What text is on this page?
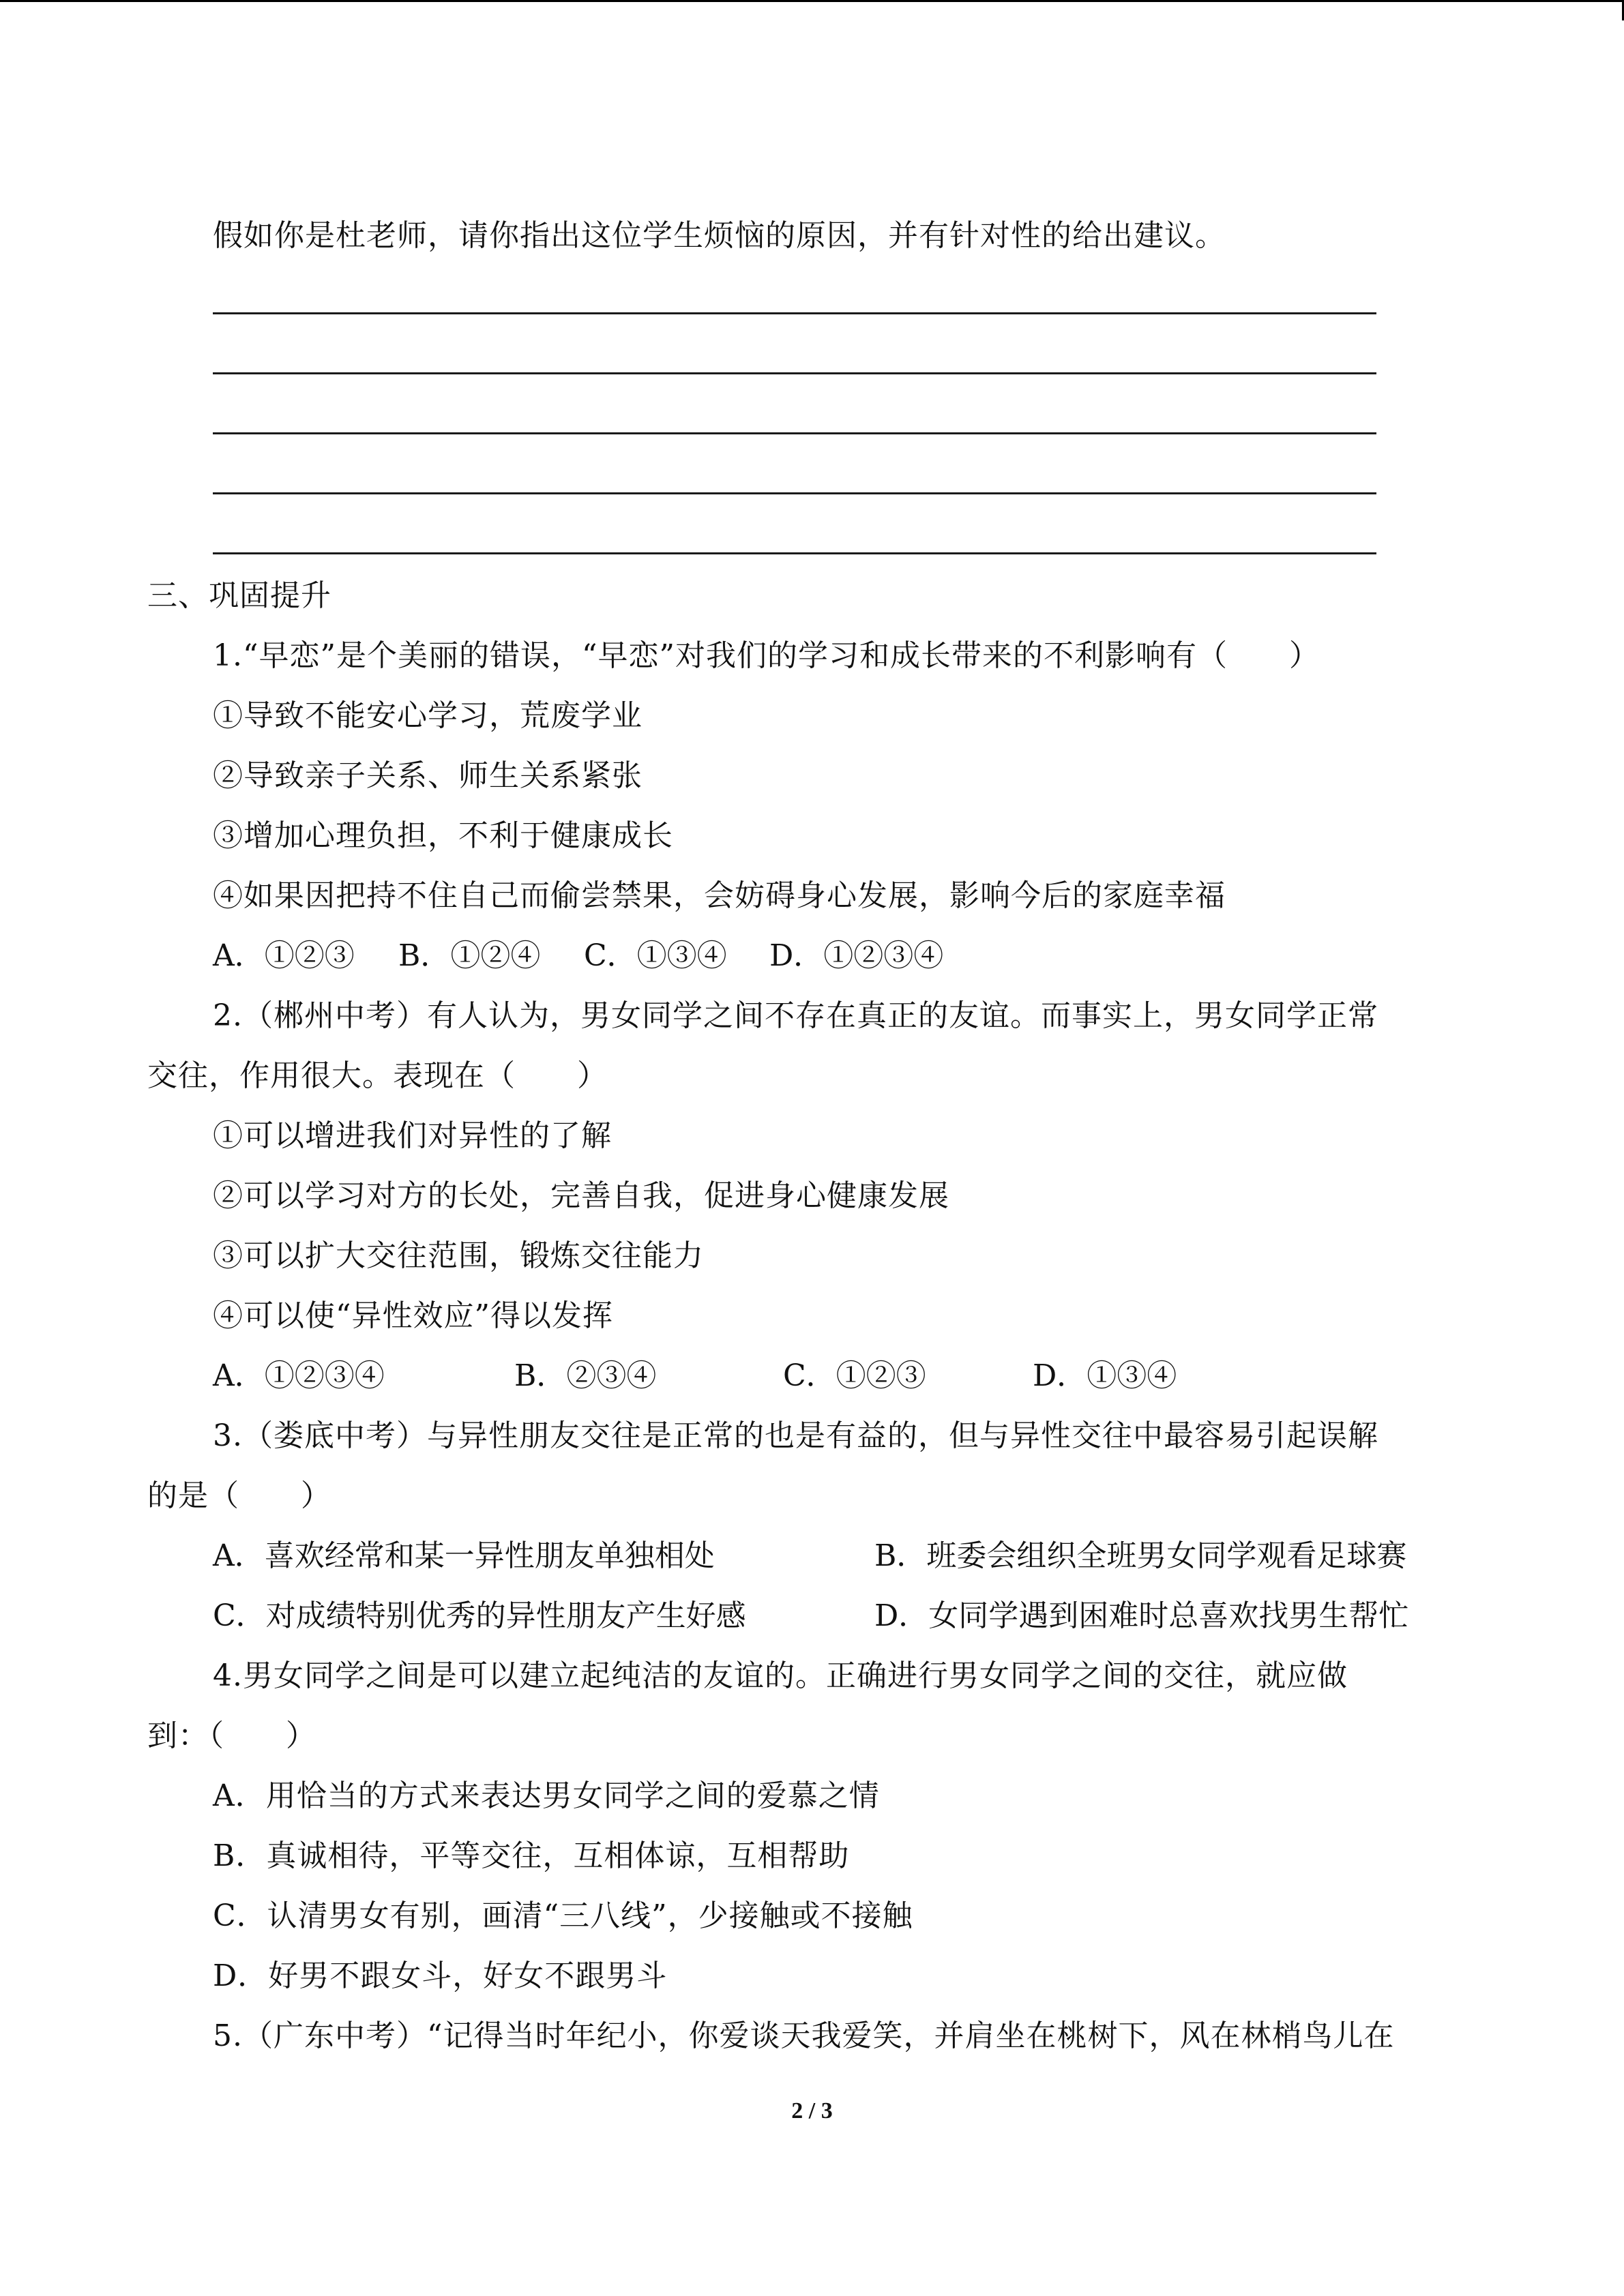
假如你是杜老师，请你指出这位学生烦恼的原因，并有针对性的给出建议。
三、巩固提升
1.“早恋”是个美丽的错误，“早恋”对我们的学习和成长带来的不利影响有（　　）
①导致不能安心学习，荒废学业
②导致亲子关系、师生关系紧张
③增加心理负担，不利于健康成长
④如果因把持不住自己而偷尝禁果，会妨碍身心发展，影响今后的家庭幸福

A．①②③

B．①②④

C．①③④

D．①②③④

2.（郴州中考）有人认为，男女同学之间不存在真正的友谊。而事实上，男女同学正常
交往，作用很大。表现在（　　）
①可以增进我们对异性的了解
②可以学习对方的长处，完善自我，促进身心健康发展
③可以扩大交往范围，锻炼交往能力
④可以使“异性效应”得以发挥

A．①②③④

	B．②③④

	C．①②③

	D．①③④

3.（娄底中考）与异性朋友交往是正常的也是有益的，但与异性交往中最容易引起误解
的是（　　）

A．喜欢经常和某一异性朋友单独相处

	B．班委会组织全班男女同学观看足球赛

C．对成绩特别优秀的异性朋友产生好感

	D．女同学遇到困难时总喜欢找男生帮忙

4.男女同学之间是可以建立起纯洁的友谊的。正确进行男女同学之间的交往，就应做
到：（　　）
A．用恰当的方式来表达男女同学之间的爱慕之情
B．真诚相待，平等交往，互相体谅，互相帮助
C．认清男女有别，画清“三八线”，少接触或不接触
D．好男不跟女斗，好女不跟男斗
5.（广东中考）“记得当时年纪小，你爱谈天我爱笑，并肩坐在桃树下，风在林梢鸟儿在
2 / 3
